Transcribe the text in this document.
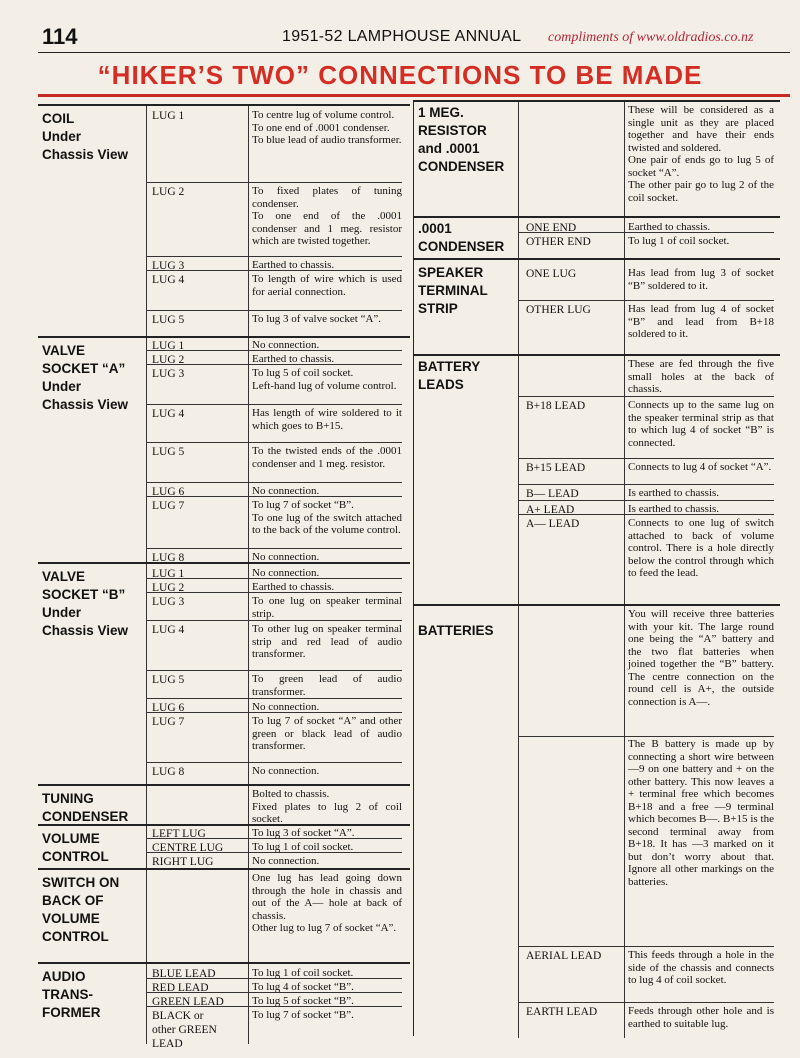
114	1951-52 LAMPHOUSE ANNUAL compliments of www.oldradios.co.nz
“HIKER’S TWO” CONNECTIONS TO BE MADE
COIL
Under
Chassis View
LUG 1	To centre lug of volume control.
To one end of .0001 condenser.
To blue lead of audio transformer.
LUG 2	To fixed plates of tuning condenser.
To one end of the .0001 condenser and 1 meg. resistor which are twisted together.
LUG 3	Earthed to chassis.
LUG 4	To length of wire which is used for aerial connection.
LUG 5	To lug 3 of valve socket “A”.
VALVE
SOCKET “A”
Under
Chassis View
LUG 1	No connection.
LUG 2	Earthed to chassis.
LUG 3	To lug 5 of coil socket.
Left-hand lug of volume control.
LUG 4	Has length of wire soldered to it which goes to B+15.
LUG 5	To the twisted ends of the .0001 condenser and 1 meg. resistor.
LUG 6	No connection.
LUG 7	To lug 7 of socket “B”.
To one lug of the switch attached to the back of the volume control.
LUG 8	No connection.
VALVE
SOCKET “B”
Under
Chassis View
LUG 1	No connection.
LUG 2	Earthed to chassis.
LUG 3	To one lug on speaker terminal strip.
LUG 4	To other lug on speaker terminal strip and red lead of audio transformer.
LUG 5	To green lead of audio transformer.
LUG 6	No connection.
LUG 7	To lug 7 of socket “A” and other green or black lead of audio transformer.
LUG 8	No connection.
TUNING
CONDENSER
Bolted to chassis.
Fixed plates to lug 2 of coil socket.
VOLUME
CONTROL
LEFT LUG	To lug 3 of socket “A”.
CENTRE LUG	To lug 1 of coil socket.
RIGHT LUG	No connection.
SWITCH ON
BACK OF
VOLUME
CONTROL
One lug has lead going down through the hole in chassis and out of the A— hole at back of chassis.
Other lug to lug 7 of socket “A”.
AUDIO
TRANS-
FORMER
BLUE LEAD	To lug 1 of coil socket.
RED LEAD	To lug 4 of socket “B”.
GREEN LEAD	To lug 5 of socket “B”.
BLACK or
other GREEN
LEAD
To lug 7 of socket “B”.
1 MEG.
RESISTOR
and .0001
CONDENSER
These will be considered as a single unit as they are placed together and have their ends twisted and soldered.
One pair of ends go to lug 5 of socket “A”.
The other pair go to lug 2 of the coil socket.
.0001
CONDENSER
ONE END	Earthed to chassis.
OTHER END	To lug 1 of coil socket.
SPEAKER
TERMINAL
STRIP
ONE LUG	Has lead from lug 3 of socket “B” soldered to it.
OTHER LUG	Has lead from lug 4 of socket “B” and lead from B+18 soldered to it.
BATTERY
LEADS
These are fed through the five small holes at the back of chassis.
B+18 LEAD	Connects up to the same lug on the speaker terminal strip as that to which lug 4 of socket “B” is connected.
B+15 LEAD	Connects to lug 4 of socket “A”.
B— LEAD	Is earthed to chassis.
A+ LEAD	Is earthed to chassis.
A— LEAD	Connects to one lug of switch attached to back of volume control. There is a hole directly below the control through which to feed the lead.
BATTERIES
You will receive three batteries with your kit. The large round one being the “A” battery and the two flat batteries when joined together the “B” battery. The centre connection on the round cell is A+, the outside connection is A—.
The B battery is made up by connecting a short wire between —9 on one battery and + on the other battery. This now leaves a + terminal free which becomes B+18 and a free —9 terminal which becomes B—. B+15 is the second terminal away from B+18. It has —3 marked on it but don’t worry about that. Ignore all other markings on the batteries.
AERIAL LEAD	This feeds through a hole in the side of the chassis and connects to lug 4 of coil socket.
EARTH LEAD	Feeds through other hole and is earthed to suitable lug.
